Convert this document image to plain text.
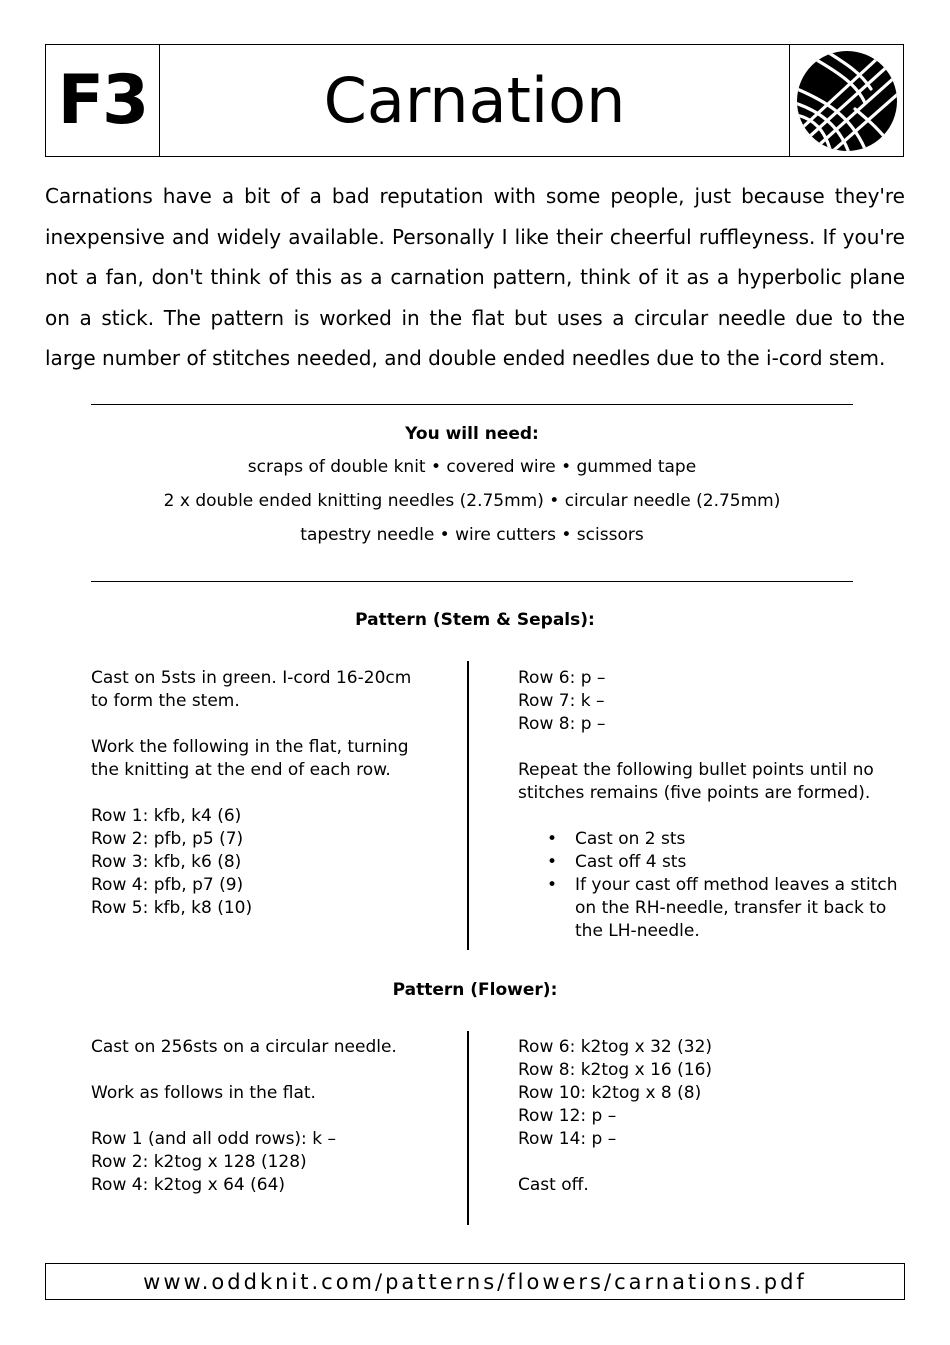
F3	Carnation
Carnations have a bit of a bad reputation with some people, just because they're inexpensive and widely available. Personally I like their cheerful ruffleyness. If you're not a fan, don't think of this as a carnation pattern, think of it as a hyperbolic plane on a stick. The pattern is worked in the flat but uses a circular needle due to the large number of stitches needed, and double ended needles due to the i-cord stem.
You will need:
scraps of double knit • covered wire • gummed tape
2 x double ended knitting needles (2.75mm) • circular needle (2.75mm)
tapestry needle • wire cutters • scissors
Pattern (Stem & Sepals):

Cast on 5sts in green. I-cord 16-20cm

to form the stem.

Work the following in the flat, turning

the knitting at the end of each row.

Row 1: kfb, k4 (6)

Row 2: pfb, p5 (7)

Row 3: kfb, k6 (8)

Row 4: pfb, p7 (9)

Row 5: kfb, k8 (10)

Row 6: p –

Row 7: k –

Row 8: p –

Repeat the following bullet points until no

stitches remains (five points are formed).

• Cast on 2 sts
• Cast off 4 sts
• If your cast off method leaves a stitch on the RH-needle, transfer it back to the LH-needle.
Pattern (Flower):

Cast on 256sts on a circular needle.

Work as follows in the flat.

Row 1 (and all odd rows): k –

Row 2: k2tog x 128 (128)

Row 4: k2tog x 64 (64)

Row 6: k2tog x 32 (32)

Row 8: k2tog x 16 (16)

Row 10: k2tog x 8 (8)

Row 12: p –

Row 14: p –

Cast off.

www.oddknit.com/patterns/flowers/carnations.pdf
